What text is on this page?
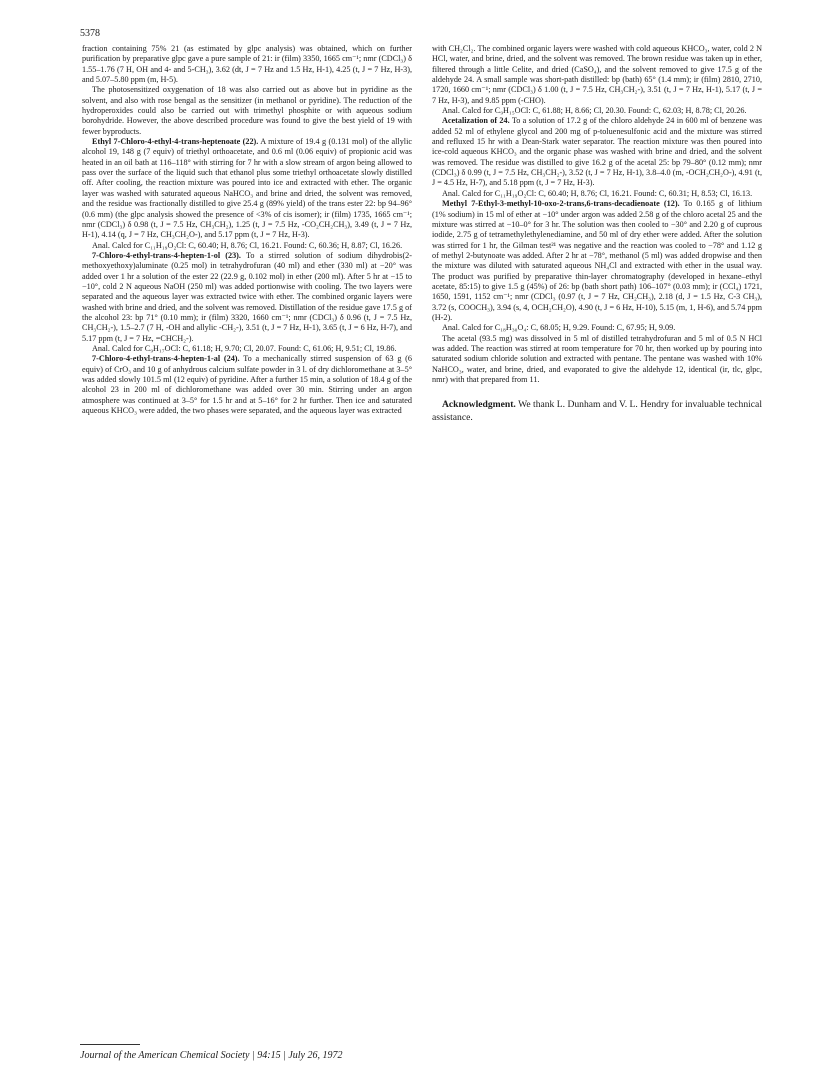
5378

fraction containing 75% 21 (as estimated by glpc analysis) was obtained, which on further purification by preparative glpc gave a pure sample of 21: ir (film) 3350, 1665 cm⁻¹; nmr (CDCl₃) δ 1.55–1.76 (7 H, OH and 4- and 5-CH₃), 3.62 (dt, J = 7 Hz and 1.5 Hz, H-1), 4.25 (t, J = 7 Hz, H-3), and 5.07–5.80 ppm (m, H-5).

The photosensitized oxygenation of 18 was also carried out as above but in pyridine as the solvent, and also with rose bengal as the sensitizer (in methanol or pyridine). The reduction of the hydroperoxides could also be carried out with trimethyl phosphite or with aqueous sodium borohydride. However, the above described procedure was found to give the best yield of 19 with fewer byproducts.

Ethyl 7-Chloro-4-ethyl-4-trans-heptenoate (22). A mixture of 19.4 g (0.131 mol) of the allylic alcohol 19, 148 g (7 equiv) of triethyl orthoacetate, and 0.6 ml (0.06 equiv) of propionic acid was heated in an oil bath at 116–118° with stirring for 7 hr with a slow stream of argon being allowed to pass over the surface of the liquid such that ethanol plus some triethyl orthoacetate slowly distilled off. After cooling, the reaction mixture was poured into ice and extracted with ether. The organic layer was washed with saturated aqueous NaHCO₃ and brine and dried, the solvent was removed, and the residue was fractionally distilled to give 25.4 g (89% yield) of the trans ester 22: bp 94–96° (0.6 mm) (the glpc analysis showed the presence of <3% of cis isomer); ir (film) 1735, 1665 cm⁻¹; nmr (CDCl₃) δ 0.98 (t, J = 7.5 Hz, CH₃CH₂), 1.25 (t, J = 7.5 Hz, -CO₂CH₂CH₃), 3.49 (t, J = 7 Hz, H-1), 4.14 (q, J = 7 Hz, CH₃CH₂O-), and 5.17 ppm (t, J = 7 Hz, H-3).

Anal. Calcd for C₁₁H₁₉O₂Cl: C, 60.40; H, 8.76; Cl, 16.21. Found: C, 60.36; H, 8.87; Cl, 16.26.

7-Chloro-4-ethyl-trans-4-hepten-1-ol (23). To a stirred solution of sodium dihydrobis(2-methoxyethoxy)aluminate (0.25 mol) in tetrahydrofuran (40 ml) and ether (330 ml) at −20° was added over 1 hr a solution of the ester 22 (22.9 g, 0.102 mol) in ether (200 ml). After 5 hr at −15 to −10°, cold 2 N aqueous NaOH (250 ml) was added portionwise with cooling. The two layers were separated and the aqueous layer was extracted twice with ether. The combined organic layers were washed with brine and dried, and the solvent was removed. Distillation of the residue gave 17.5 g of the alcohol 23: bp 71° (0.10 mm); ir (film) 3320, 1660 cm⁻¹; nmr (CDCl₃) δ 0.96 (t, J = 7.5 Hz, CH₃CH₂-), 1.5–2.7 (7 H, -OH and allylic -CH₂-), 3.51 (t, J = 7 Hz, H-1), 3.65 (t, J = 6 Hz, H-7), and 5.17 ppm (t, J = 7 Hz, =CHCH₂-).

Anal. Calcd for C₉H₁₇OCl: C, 61.18; H, 9.70; Cl, 20.07. Found: C, 61.06; H, 9.51; Cl, 19.86.

7-Chloro-4-ethyl-trans-4-hepten-1-al (24). To a mechanically stirred suspension of 63 g (6 equiv) of CrO₃ and 10 g of anhydrous calcium sulfate powder in 3 l. of dry dichloromethane at 3–5° was added slowly 101.5 ml (12 equiv) of pyridine. After a further 15 min, a solution of 18.4 g of the alcohol 23 in 200 ml of dichloromethane was added over 30 min. Stirring under an argon atmosphere was continued at 3–5° for 1.5 hr and at 5–16° for 2 hr further. Then ice and saturated aqueous KHCO₃ were added, the two phases were separated, and the aqueous layer was extracted

with CH₂Cl₂. The combined organic layers were washed with cold aqueous KHCO₃, water, cold 2 N HCl, water, and brine, dried, and the solvent was removed. The brown residue was taken up in ether, filtered through a little Celite, and dried (CaSO₄), and the solvent removed to give 17.5 g of the aldehyde 24. A small sample was short-path distilled: bp (bath) 65° (1.4 mm); ir (film) 2810, 2710, 1720, 1660 cm⁻¹; nmr (CDCl₃) δ 1.00 (t, J = 7.5 Hz, CH₃CH₂-), 3.51 (t, J = 7 Hz, H-1), 5.17 (t, J = 7 Hz, H-3), and 9.85 ppm (-CHO).

Anal. Calcd for C₉H₁₅OCl: C, 61.88; H, 8.66; Cl, 20.30. Found: C, 62.03; H, 8.78; Cl, 20.26.

Acetalization of 24. To a solution of 17.2 g of the chloro aldehyde 24 in 600 ml of benzene was added 52 ml of ethylene glycol and 200 mg of p-toluenesulfonic acid and the mixture was stirred and refluxed 15 hr with a Dean-Stark water separator. The reaction mixture was then poured into ice-cold aqueous KHCO₃ and the organic phase was washed with brine and dried, and the solvent was removed. The residue was distilled to give 16.2 g of the acetal 25: bp 79–80° (0.12 mm); nmr (CDCl₃) δ 0.99 (t, J = 7.5 Hz, CH₃CH₂-), 3.52 (t, J = 7 Hz, H-1), 3.8–4.0 (m, -OCH₂CH₂O-), 4.91 (t, J = 4.5 Hz, H-7), and 5.18 ppm (t, J = 7 Hz, H-3).

Anal. Calcd for C₁₁H₁₉O₂Cl: C, 60.40; H, 8.76; Cl, 16.21. Found: C, 60.31; H, 8.53; Cl, 16.13.

Methyl 7-Ethyl-3-methyl-10-oxo-2-trans,6-trans-decadienoate (12). To 0.165 g of lithium (1% sodium) in 15 ml of ether at −10° under argon was added 2.58 g of the chloro acetal 25 and the mixture was stirred at −10–0° for 3 hr. The solution was then cooled to −30° and 2.20 g of cuprous iodide, 2.75 g of tetramethylethylenediamine, and 50 ml of dry ether were added. After the solution was stirred for 1 hr, the Gilman test²¹ was negative and the reaction was cooled to −78° and 1.12 g of methyl 2-butynoate was added. After 2 hr at −78°, methanol (5 ml) was added dropwise and then the mixture was diluted with saturated aqueous NH₄Cl and extracted with ether in the usual way. The product was purified by preparative thin-layer chromatography (developed in hexane–ethyl acetate, 85:15) to give 1.5 g (45%) of 26: bp (bath short path) 106–107° (0.03 mm); ir (CCl₄) 1721, 1650, 1591, 1152 cm⁻¹; nmr (CDCl₃ (0.97 (t, J = 7 Hz, CH₂CH₃), 2.18 (d, J = 1.5 Hz, C-3 CH₃), 3.72 (s, COOCH₃), 3.94 (s, 4, OCH₂CH₂O), 4.90 (t, J = 6 Hz, H-10), 5.15 (m, 1, H-6), and 5.74 ppm (H-2).

Anal. Calcd for C₁₈H₃₀O₄: C, 68.05; H, 9.29. Found: C, 67.95; H, 9.09.

The acetal (93.5 mg) was dissolved in 5 ml of distilled tetrahydrofuran and 5 ml of 0.5 N HCl was added. The reaction was stirred at room temperature for 70 hr, then worked up by pouring into saturated sodium chloride solution and extracted with pentane. The pentane was washed with 10% NaHCO₃, water, and brine, dried, and evaporated to give the aldehyde 12, identical (ir, tlc, glpc, nmr) with that prepared from 11.

Acknowledgment. We thank L. Dunham and V. L. Hendry for invaluable technical assistance.

Journal of the American Chemical Society | 94:15 | July 26, 1972
